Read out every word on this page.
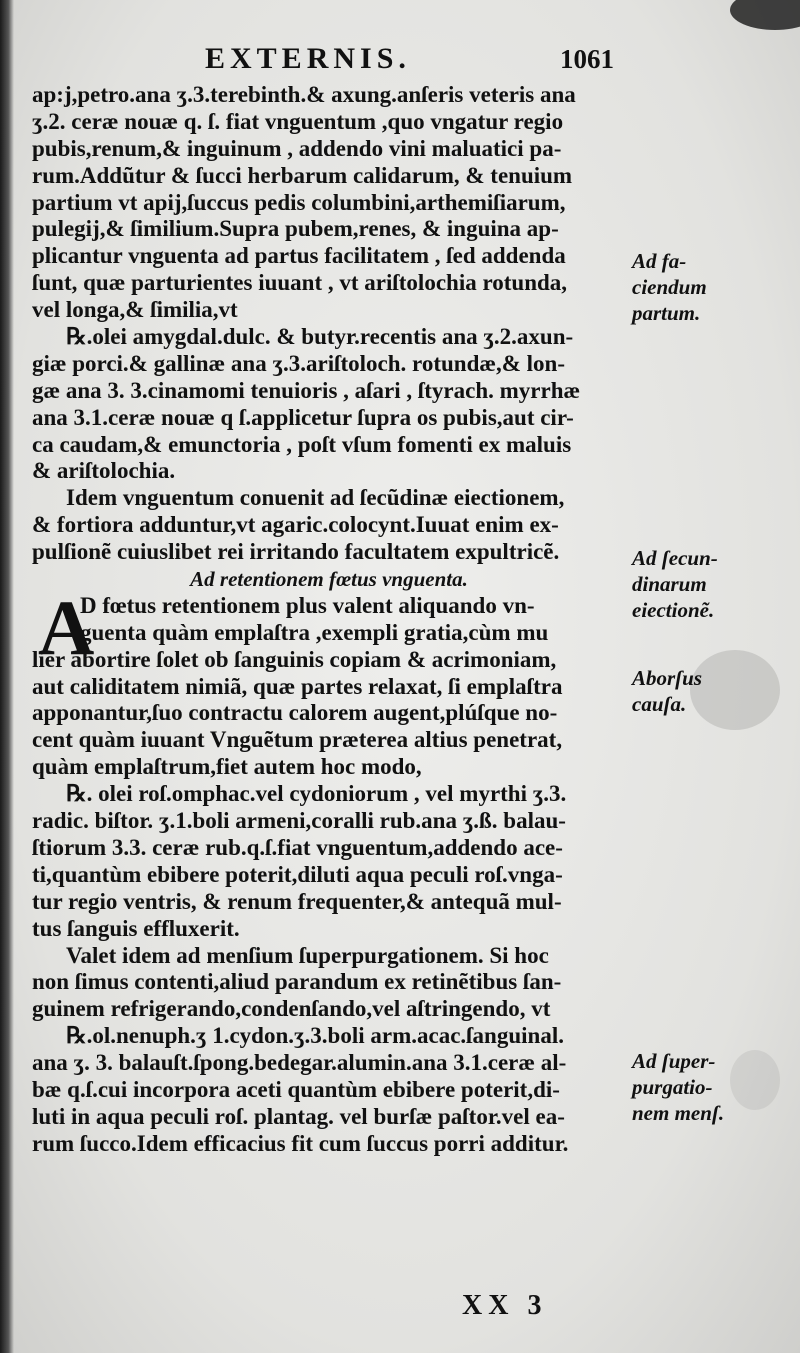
EXTERNIS.	1061
ap:j,petro.ana ʒ.3.terebinth.& axung.anſeris veteris ana
ʒ.2. ceræ nouæ q. ſ. fiat vnguentum ,quo vngatur regio
pubis,renum,& inguinum , addendo vini maluatici pa-
rum.Addũtur & ſucci herbarum calidarum, & tenuium
partium vt apij,ſuccus pedis columbini,arthemiſiarum,
pulegij,& ſimilium.Supra pubem,renes, & inguina ap-
plicantur vnguenta ad partus facilitatem , ſed addenda
ſunt, quæ parturientes iuuant , vt ariſtolochia rotunda,
vel longa,& ſimilia,vt
℞.olei amygdal.dulc. & butyr.recentis ana ʒ.2.axun-
giæ porci.& gallinæ ana ʒ.3.ariſtoloch. rotundæ,& lon-
gæ ana 3. 3.cinamomi tenuioris , aſari , ſtyrach. myrrhæ
ana 3.1.ceræ nouæ q ſ.applicetur ſupra os pubis,aut cir-
ca caudam,& emunctoria , poſt vſum fomenti ex maluis
& ariſtolochia.
Idem vnguentum conuenit ad ſecũdinæ eiectionem,
& fortiora adduntur,vt agaric.colocynt.Iuuat enim ex-
pulſionẽ cuiuslibet rei irritando facultatem expultricẽ.
Ad retentionem fœtus vnguenta.
A
D fœtus retentionem plus valent aliquando vn-
guenta quàm emplaſtra ,exempli gratia,cùm mu
lier abortire ſolet ob ſanguinis copiam & acrimoniam,
aut caliditatem nimiã, quæ partes relaxat, ſi emplaſtra
apponantur,ſuo contractu calorem augent,plúſque no-
cent quàm iuuant Vnguẽtum præterea altius penetrat,
quàm emplaſtrum,fiet autem hoc modo,
℞. olei roſ.omphac.vel cydoniorum , vel myrthi ʒ.3.
radic. biſtor. ʒ.1.boli armeni,coralli rub.ana ʒ.ß. balau-
ſtiorum 3.3. ceræ rub.q.ſ.fiat vnguentum,addendo ace-
ti,quantùm ebibere poterit,diluti aqua peculi roſ.vnga-
tur regio ventris, & renum frequenter,& antequã mul-
tus ſanguis effluxerit.
Valet idem ad menſium ſuperpurgationem. Si hoc
non ſimus contenti,aliud parandum ex retinẽtibus ſan-
guinem refrigerando,condenſando,vel aſtringendo, vt
℞.ol.nenuph.ʒ 1.cydon.ʒ.3.boli arm.acac.ſanguinal.
ana ʒ. 3. balauſt.ſpong.bedegar.alumin.ana 3.1.ceræ al-
bæ q.ſ.cui incorpora aceti quantùm ebibere poterit,di-
luti in aqua peculi roſ. plantag. vel burſæ paſtor.vel ea-
rum ſucco.Idem efficacius fit cum ſuccus porri additur.
Ad fa-
ciendum
partum.
Ad ſecun-
dinarum
eiectionẽ.
Aborſus
cauſa.
Ad ſuper-
purgatio-
nem menſ.
XX 3
